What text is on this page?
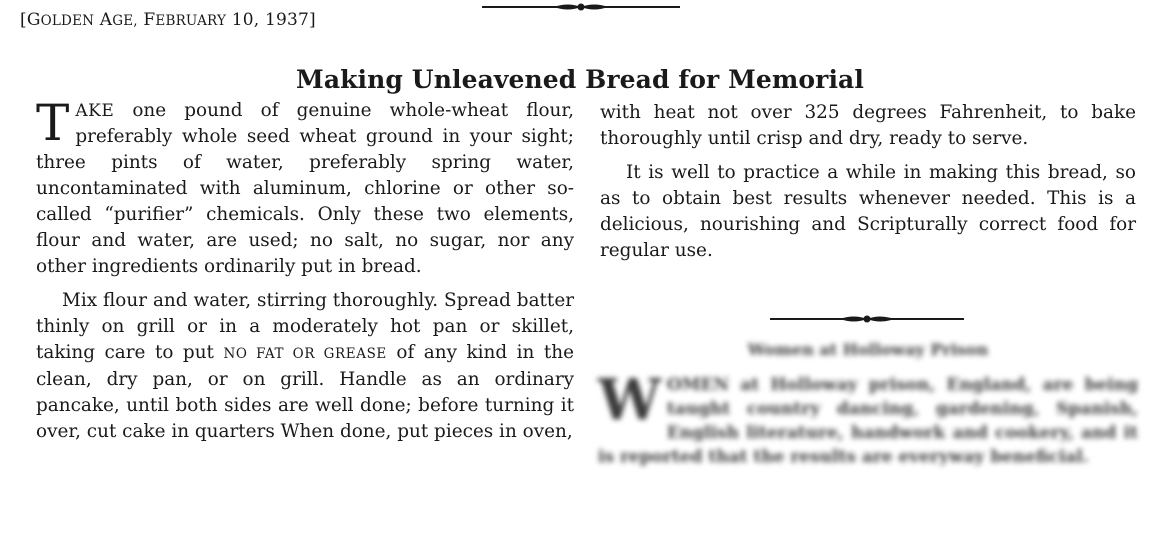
[GOLDEN AGE, FEBRUARY 10, 1937]
Making Unleavened Bread for Memorial

TAKE one pound of genuine whole-wheat flour, preferably whole seed wheat ground in your sight; three pints of water, preferably spring water, uncontaminated with aluminum, chlorine or other so-called “purifier” chemicals. Only these two elements, flour and water, are used; no salt, no sugar, nor any other ingredients ordinarily put in bread.

Mix flour and water, stirring thoroughly. Spread batter thinly on grill or in a moderately hot pan or skillet, taking care to put NO FAT OR GREASE of any kind in the clean, dry pan, or on grill. Handle as an ordinary pancake, until both sides are well done; before turning it over, cut cake in quarters When done, put pieces in oven,

with heat not over 325 degrees Fahrenheit, to bake thoroughly until crisp and dry, ready to serve.

It is well to practice a while in making this bread, so as to obtain best results whenever needed. This is a delicious, nourishing and Scripturally correct food for regular use.

Women at Holloway Prison
WOMEN at Holloway prison, England, are being taught country dancing, gardening, Spanish, English literature, handwork and cookery, and it is reported that the results are everyway beneficial.
